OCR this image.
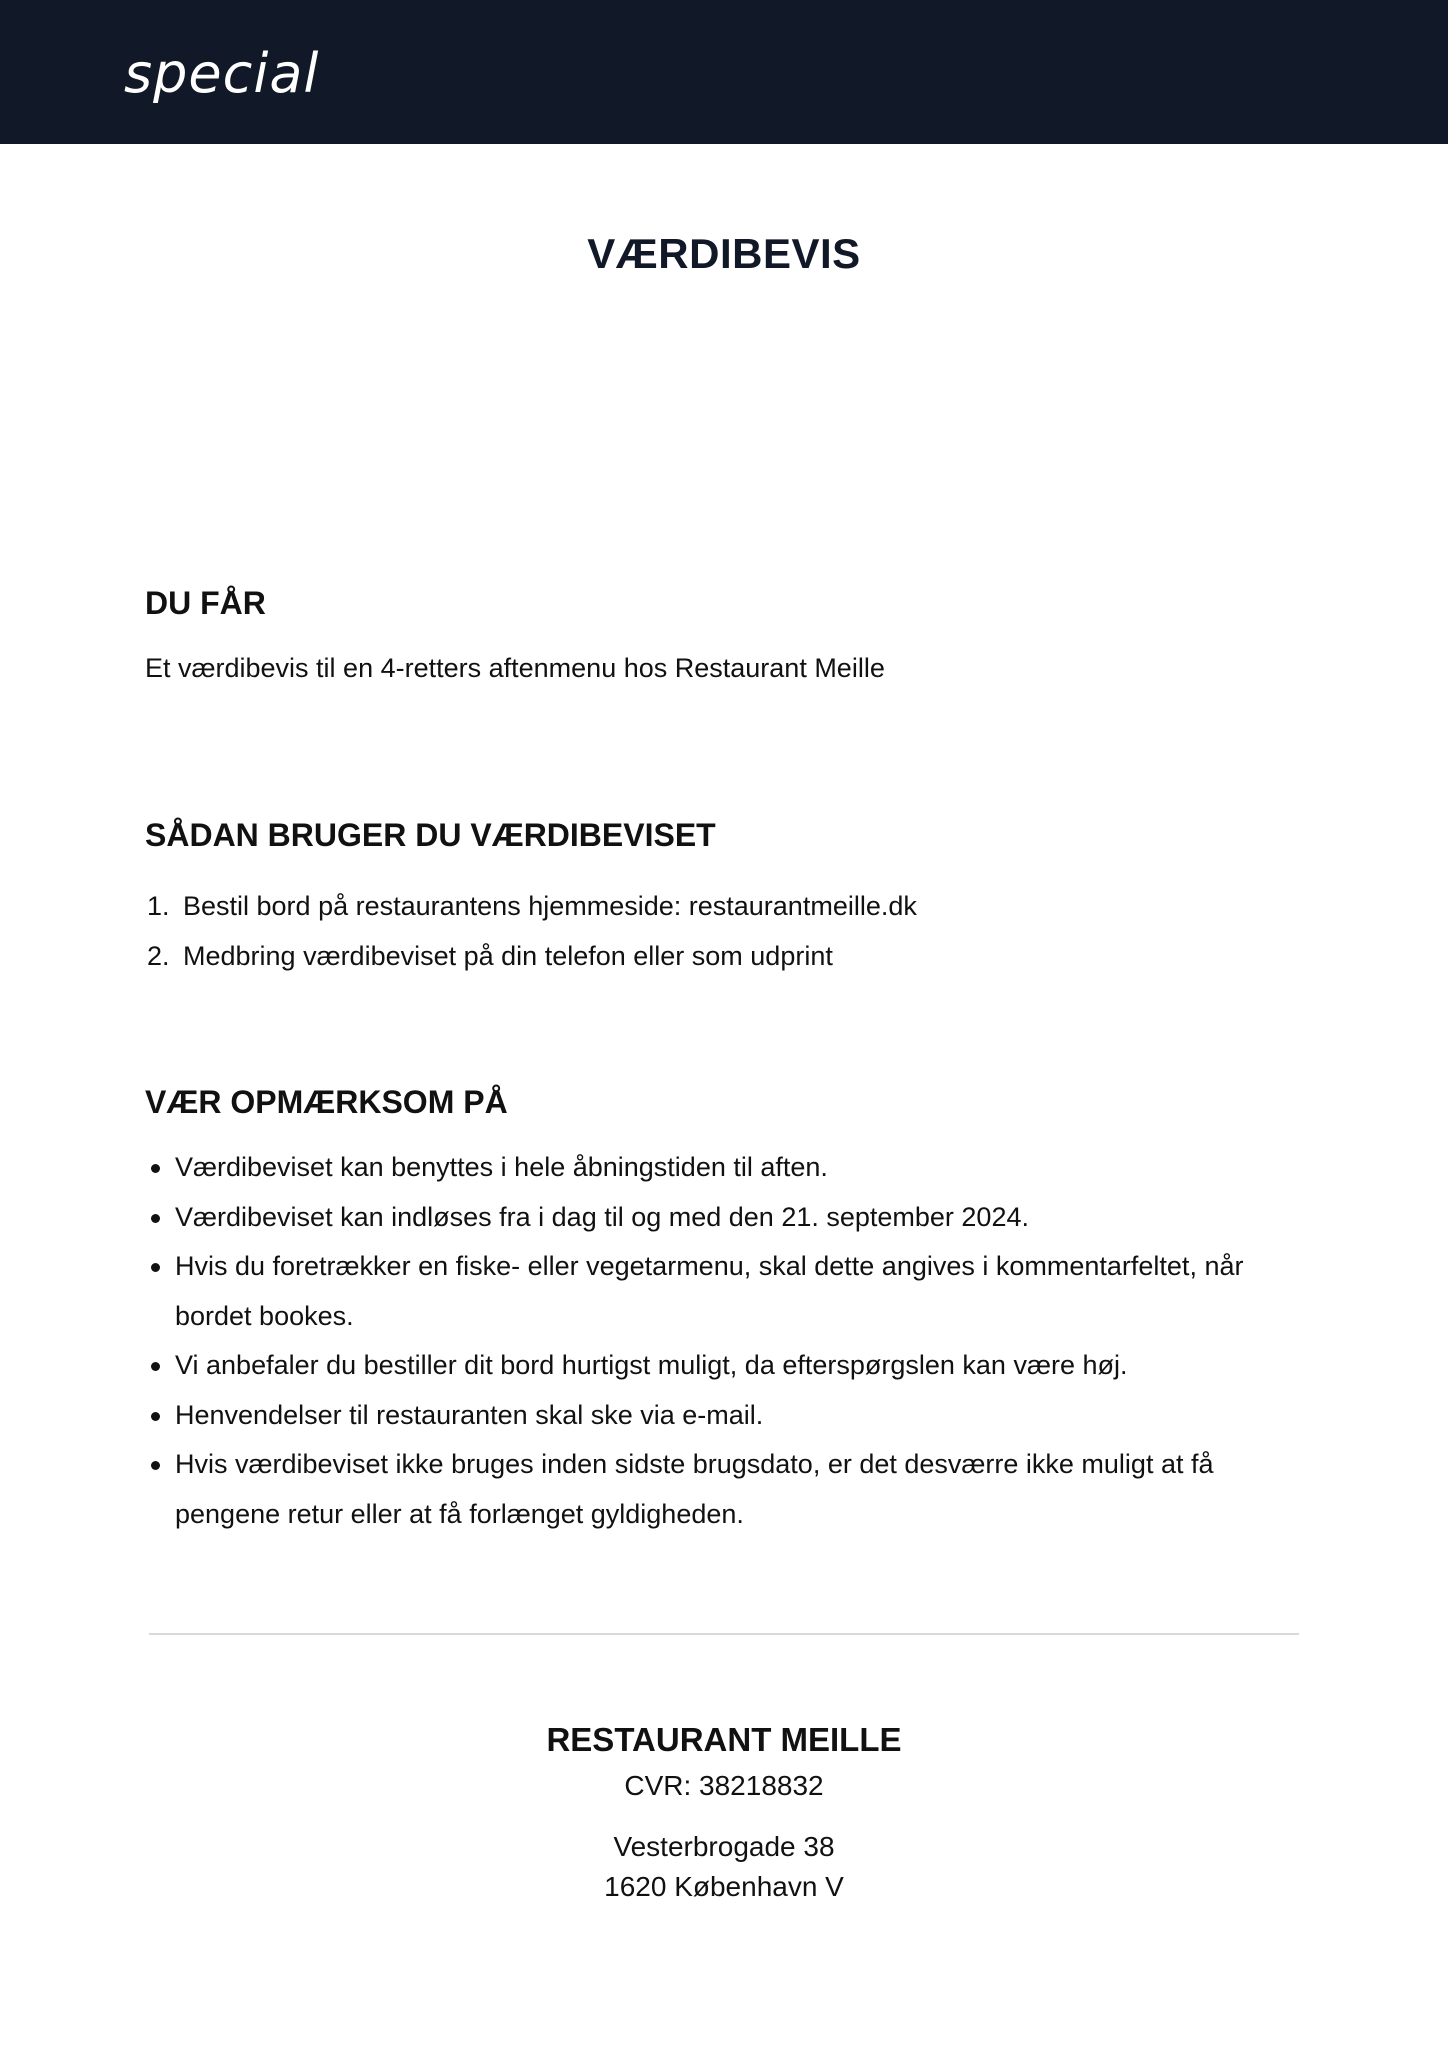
special
VÆRDIBEVIS
DU FÅR

Et værdibevis til en 4-retters aftenmenu hos Restaurant Meille

SÅDAN BRUGER DU VÆRDIBEVISET
1. Bestil bord på restaurantens hjemmeside: restaurantmeille.dk
2. Medbring værdibeviset på din telefon eller som udprint
VÆR OPMÆRKSOM PÅ
Værdibeviset kan benyttes i hele åbningstiden til aften.
Værdibeviset kan indløses fra i dag til og med den 21. september 2024.
Hvis du foretrækker en fiske- eller vegetarmenu, skal dette angives i kommentarfeltet, når bordet bookes.
Vi anbefaler du bestiller dit bord hurtigst muligt, da efterspørgslen kan være høj.
Henvendelser til restauranten skal ske via e-mail.
Hvis værdibeviset ikke bruges inden sidste brugsdato, er det desværre ikke muligt at få pengene retur eller at få forlænget gyldigheden.
RESTAURANT MEILLE
CVR: 38218832
Vesterbrogade 38
1620 København V
